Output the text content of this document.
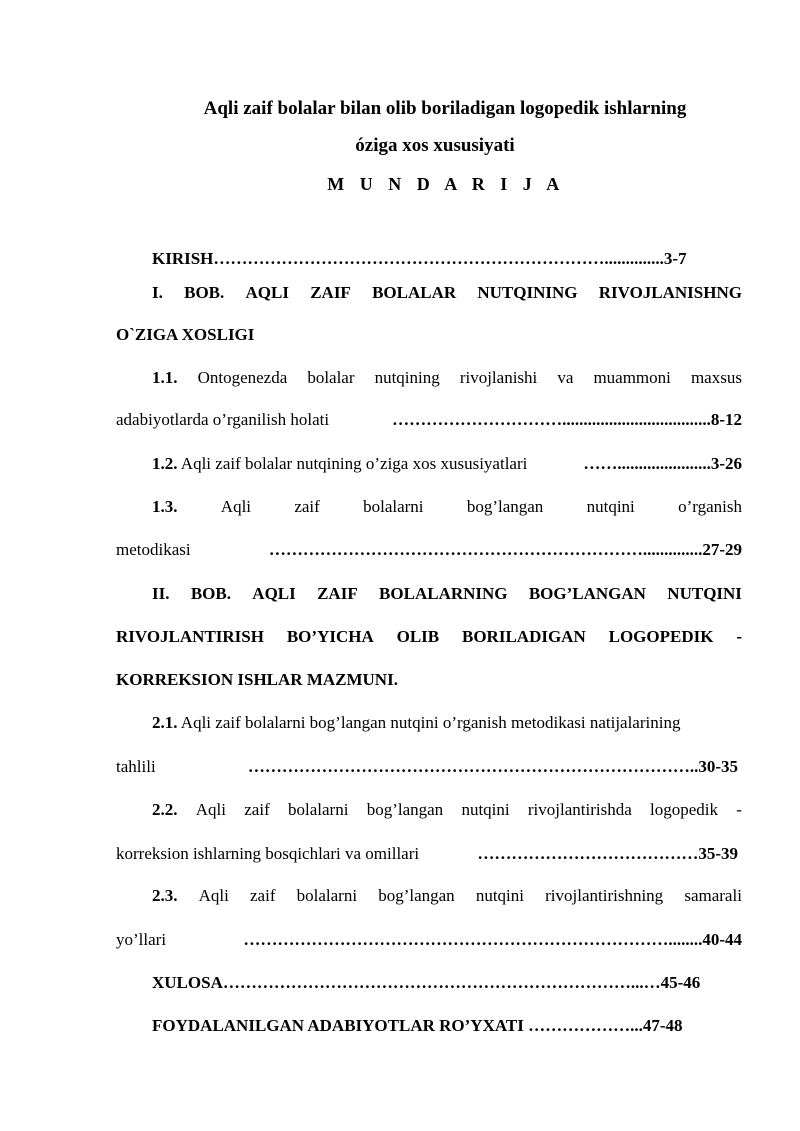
Aqli zaif bolalar bilan olib boriladigan logopedik ishlarning
óziga xos xususiyati
M U N D A R I J A
KIRISH……………………………………………………………..............3-7
I. BOB. AQLI ZAIF BOLALAR NUTQINING RIVOJLANISHNG
O`ZIGA XOSLIGI
1.1. Ontogenezda bolalar nutqining rivojlanishi va muammoni maxsus
adabiyotlarda o’rganilish holati	…………………………...................................8-12
1.2. Aqli zaif bolalar nutqining o’ziga xos xususiyatlari	……......................3-26
1.3.	Aqli	zaif	bolalarni	bog’langan	nutqini	o’rganish
metodikasi	…………………………………………………………..............27-29
II. BOB. AQLI ZAIF BOLALARNING BOG’LANGAN NUTQINI
RIVOJLANTIRISH BO’YICHA OLIB BORILADIGAN LOGOPEDIK -
KORREKSION ISHLAR MAZMUNI.
2.1. Aqli zaif bolalarni bog’langan nutqini o’rganish metodikasi natijalarining
tahlili	……………………………………………………………………..30-35
2.2. Aqli zaif bolalarni bog’langan nutqini rivojlantirishda logopedik -
korreksion ishlarning bosqichlari va omillari	…………………………………35-39
2.3. Aqli zaif bolalarni bog’langan nutqini rivojlantirishning samarali
yo’llari	…………………………………………………………………........40-44
XULOSA………………………………………………………………...…45-46
FOYDALANILGAN ADABIYOTLAR RO’YXATI ………………...47-48
